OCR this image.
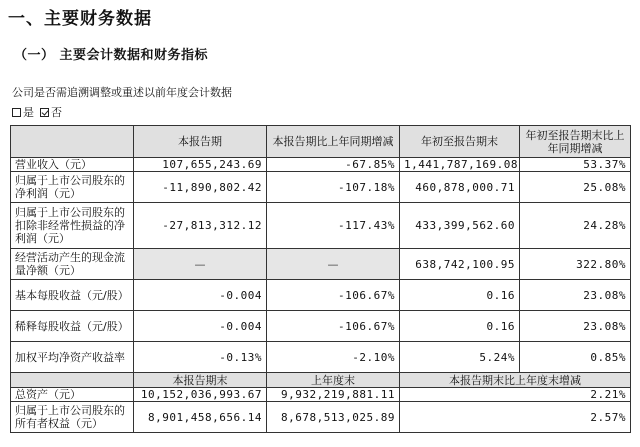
一、主要财务数据
（一） 主要会计数据和财务指标
公司是否需追溯调整或重述以前年度会计数据
是 否
	本报告期	本报告期比上年同期增减	年初至报告期末	年初至报告期末比上年同期增减
营业收入（元）	107,655,243.69	-67.85%	1,441,787,169.08	53.37%
归属于上市公司股东的净利润（元）	-11,890,802.42	-107.18%	460,878,000.71	25.08%
归属于上市公司股东的扣除非经常性损益的净利润（元）	-27,813,312.12	-117.43%	433,399,562.60	24.28%
经营活动产生的现金流量净额（元）	—	—	638,742,100.95	322.80%
基本每股收益（元/股）	-0.004	-106.67%	0.16	23.08%
稀释每股收益（元/股）	-0.004	-106.67%	0.16	23.08%
加权平均净资产收益率	-0.13%	-2.10%	5.24%	0.85%
	本报告期末	上年度末	本报告期末比上年度末增减	
总资产（元）	10,152,036,993.67	9,932,219,881.11	2.21%	
归属于上市公司股东的所有者权益（元）	8,901,458,656.14	8,678,513,025.89	2.57%	
